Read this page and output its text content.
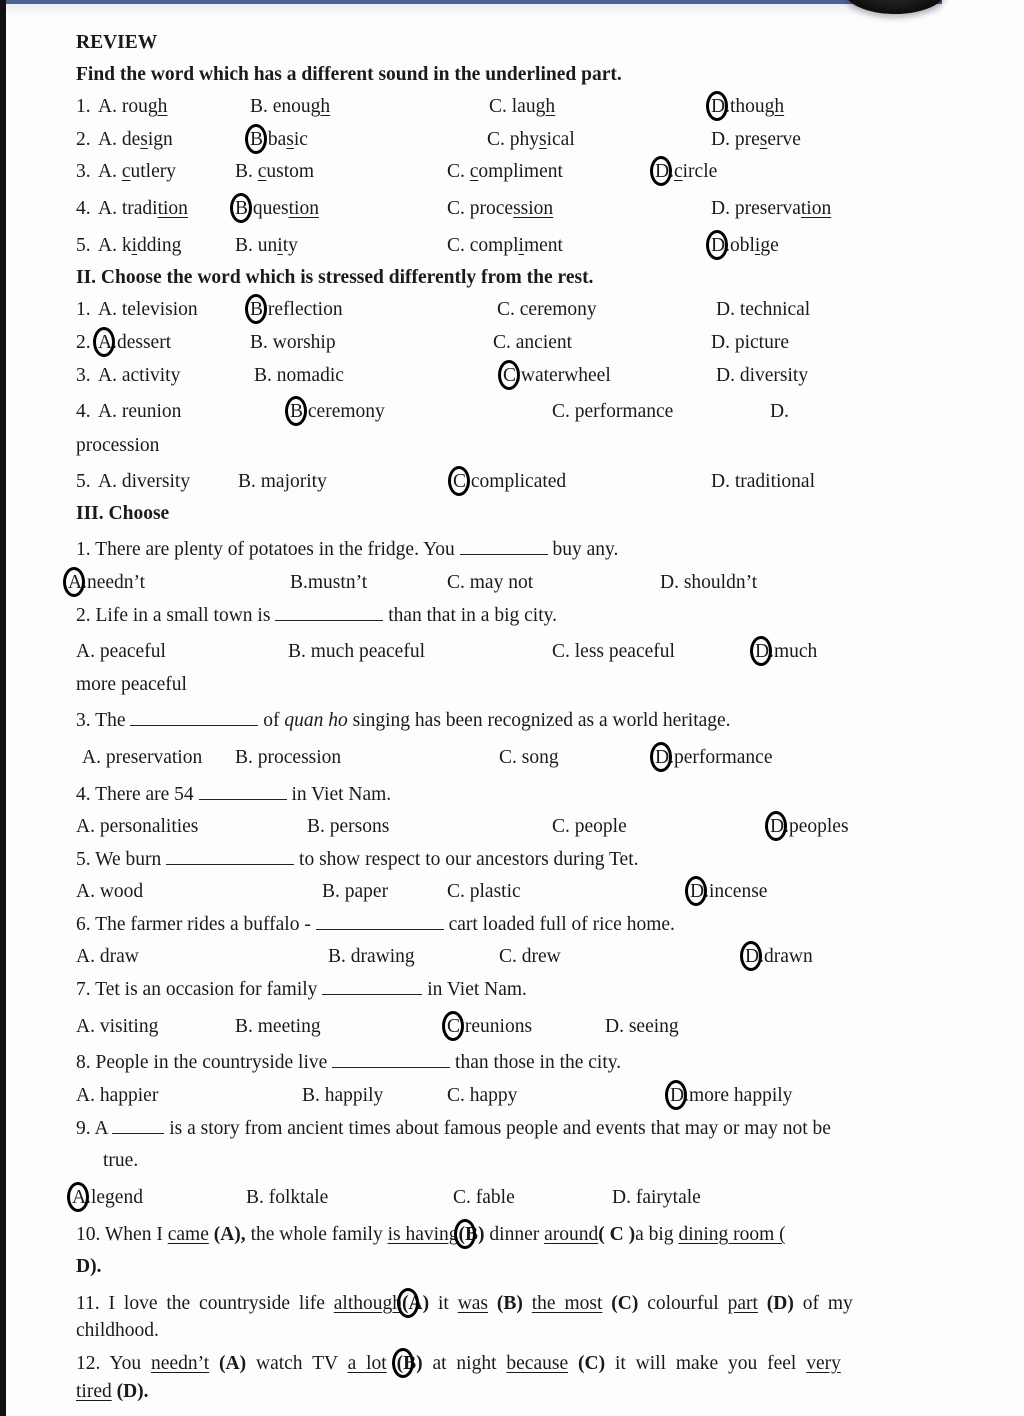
REVIEW
Find the word which has a different sound in the underlined part.
1. A. rough	B. enough	C. laugh	D.though
2. A. design	B.basic	C. physical	D. preserve
3. A. cutlery	B. custom	C. compliment	D.circle
4. A. tradition B.question	C. procession	D. preservation
5. A. kidding	B. unity	C. compliment	D.oblige
II. Choose the word which is stressed differently from the rest.
1. A. television	B.reflection	C. ceremony	D. technical
2. A.dessert	B. worship	C. ancient	D. picture
3. A. activity	B. nomadic	C.waterwheel	D. diversity
4. A. reunion	B.ceremony	C. performance	D.
procession
5. A. diversity B. majority	C.complicated	D. traditional
III. Choose
1. There are plenty of potatoes in the fridge. You	buy any.
A.needn’t	B.mustn’t	C. may not	D. shouldn’t
2. Life in a small town is	than that in a big city.
A. peaceful	B. much peaceful	C. less peaceful	D.much
more peaceful
3. The	of quan ho singing has been recognized as a world heritage.
A. preservation B. procession	C. song	D.performance
4. There are 54	in Viet Nam.
A. personalities	B. persons	C. people	D.peoples
5. We burn	to show respect to our ancestors during Tet.
A. wood	B. paper	C. plastic	D.incense
6. The farmer rides a buffalo -	cart loaded full of rice home.
A. draw	B. drawing	C. drew	D.drawn
7. Tet is an occasion for family	in Viet Nam.
A. visiting	B. meeting	C.reunions	D. seeing
8. People in the countryside live	than those in the city.
A. happier	B. happily	C. happy	D.more happily
9. A	is a story from ancient times about famous people and events that may or may not be
true.
A.legend	B. folktale	C. fable	D. fairytale
10. When I came (A), the whole family is having(B) dinner around( C )a big dining room (
D).
11. I love the countryside life although(A) it was (B) the most (C) colourful part (D) of my
childhood.
12. You needn’t (A) watch TV a lot (B) at night because (C) it will make you feel very
tired (D).
